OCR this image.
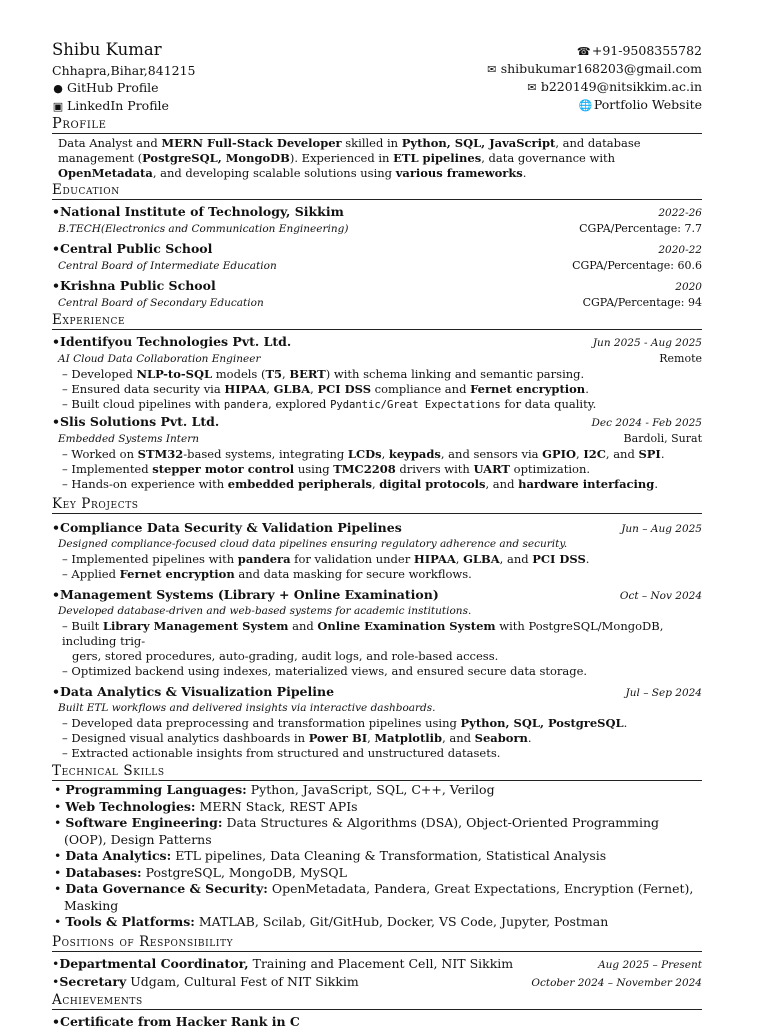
Shibu Kumar
Chhapra,Bihar,841215
● GitHub Profile
▣ LinkedIn Profile
☎+91-9508355782
✉ shibukumar168203@gmail.com
✉ b220149@nitsikkim.ac.in
🌐Portfolio Website
Profile
Data Analyst and MERN Full-Stack Developer skilled in Python, SQL, JavaScript, and database management (PostgreSQL, MongoDB). Experienced in ETL pipelines, data governance with OpenMetadata, and developing scalable solutions using various frameworks.
Education
•National Institute of Technology, Sikkim	2022-26
B.TECH(Electronics and Communication Engineering)	CGPA/Percentage: 7.7
•Central Public School	2020-22
Central Board of Intermediate Education	CGPA/Percentage: 60.6
•Krishna Public School	2020
Central Board of Secondary Education	CGPA/Percentage: 94
Experience
•Identifyou Technologies Pvt. Ltd.	Jun 2025 - Aug 2025
AI Cloud Data Collaboration Engineer	Remote
– Developed NLP-to-SQL models (T5, BERT) with schema linking and semantic parsing.
– Ensured data security via HIPAA, GLBA, PCI DSS compliance and Fernet encryption.
– Built cloud pipelines with pandera, explored Pydantic/Great Expectations for data quality.
•Slis Solutions Pvt. Ltd.	Dec 2024 - Feb 2025
Embedded Systems Intern	Bardoli, Surat
– Worked on STM32-based systems, integrating LCDs, keypads, and sensors via GPIO, I2C, and SPI.
– Implemented stepper motor control using TMC2208 drivers with UART optimization.
– Hands-on experience with embedded peripherals, digital protocols, and hardware interfacing.
Key Projects
•Compliance Data Security & Validation Pipelines	Jun – Aug 2025
Designed compliance-focused cloud data pipelines ensuring regulatory adherence and security.
– Implemented pipelines with pandera for validation under HIPAA, GLBA, and PCI DSS.
– Applied Fernet encryption and data masking for secure workflows.
•Management Systems (Library + Online Examination)	Oct – Nov 2024
Developed database-driven and web-based systems for academic institutions.
– Built Library Management System and Online Examination System with PostgreSQL/MongoDB, including trig-
gers, stored procedures, auto-grading, audit logs, and role-based access.
– Optimized backend using indexes, materialized views, and ensured secure data storage.
•Data Analytics & Visualization Pipeline	Jul – Sep 2024
Built ETL workflows and delivered insights via interactive dashboards.
– Developed data preprocessing and transformation pipelines using Python, SQL, PostgreSQL.
– Designed visual analytics dashboards in Power BI, Matplotlib, and Seaborn.
– Extracted actionable insights from structured and unstructured datasets.
Technical Skills
• Programming Languages: Python, JavaScript, SQL, C++, Verilog
• Web Technologies: MERN Stack, REST APIs
• Software Engineering: Data Structures & Algorithms (DSA), Object-Oriented Programming (OOP), Design Patterns
• Data Analytics: ETL pipelines, Data Cleaning & Transformation, Statistical Analysis
• Databases: PostgreSQL, MongoDB, MySQL
• Data Governance & Security: OpenMetadata, Pandera, Great Expectations, Encryption (Fernet), Masking
• Tools & Platforms: MATLAB, Scilab, Git/GitHub, Docker, VS Code, Jupyter, Postman
Positions of Responsibility
•Departmental Coordinator, Training and Placement Cell, NIT Sikkim	Aug 2025 – Present
•Secretary Udgam, Cultural Fest of NIT Sikkim	October 2024 – November 2024
Achievements
•Certificate from Hacker Rank in C
